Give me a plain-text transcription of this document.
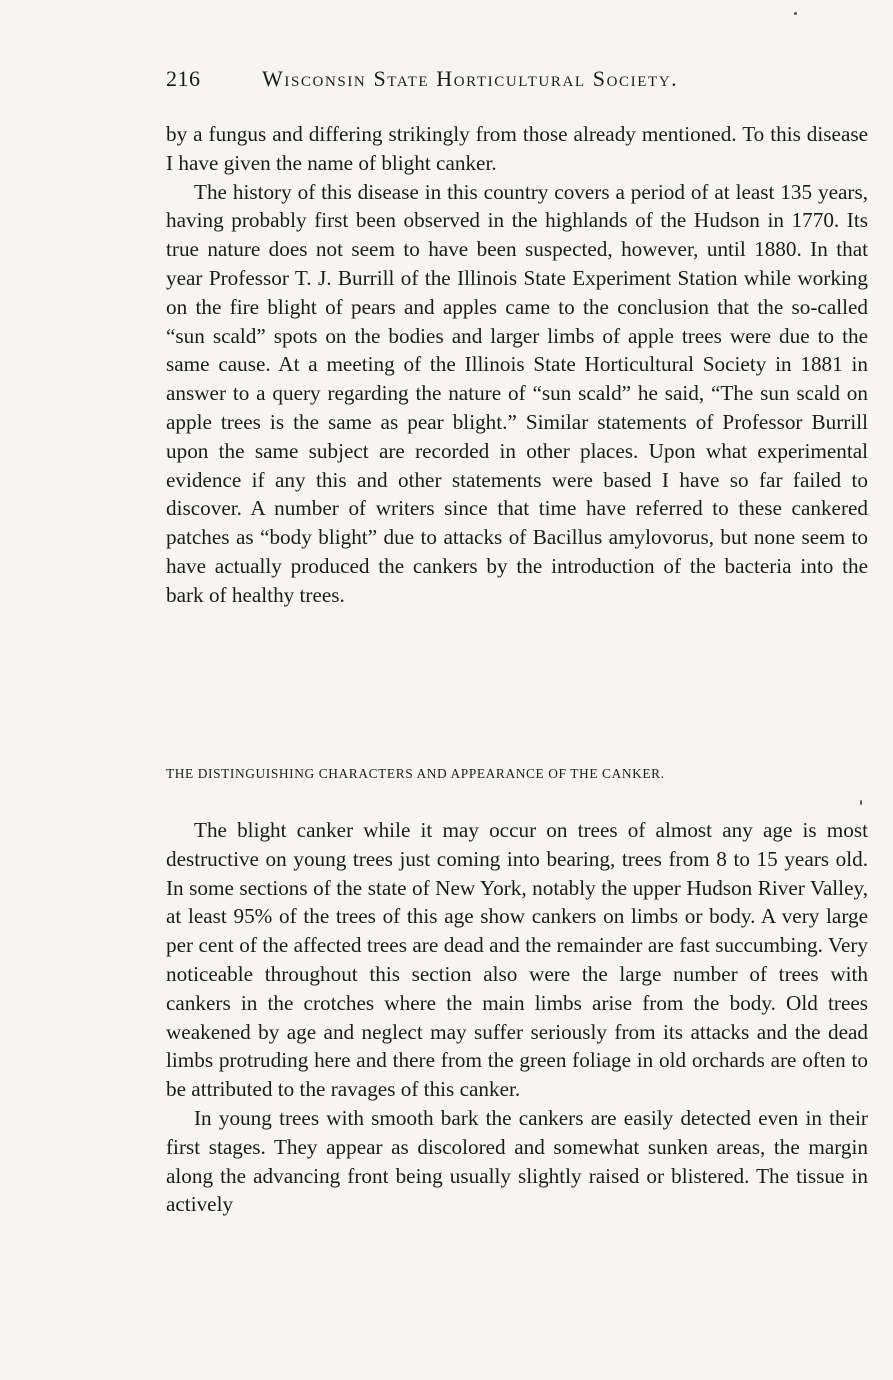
216	Wisconsin State Horticultural Society.

by a fungus and differing strikingly from those already mentioned. To this disease I have given the name of blight canker.

The history of this disease in this country covers a period of at least 135 years, having probably first been observed in the highlands of the Hudson in 1770. Its true nature does not seem to have been suspected, however, until 1880. In that year Professor T. J. Burrill of the Illinois State Experiment Station while working on the fire blight of pears and apples came to the conclusion that the so-called “sun scald” spots on the bodies and larger limbs of apple trees were due to the same cause. At a meeting of the Illinois State Horticultural Society in 1881 in answer to a query regarding the nature of “sun scald” he said, “The sun scald on apple trees is the same as pear blight.” Similar statements of Professor Burrill upon the same subject are recorded in other places. Upon what experimental evidence if any this and other statements were based I have so far failed to discover. A number of writers since that time have referred to these cankered patches as “body blight” due to attacks of Bacillus amylovorus, but none seem to have actually produced the cankers by the introduction of the bacteria into the bark of healthy trees.

THE DISTINGUISHING CHARACTERS AND APPEARANCE OF THE CANKER.

The blight canker while it may occur on trees of almost any age is most destructive on young trees just coming into bearing, trees from 8 to 15 years old. In some sections of the state of New York, notably the upper Hudson River Valley, at least 95% of the trees of this age show cankers on limbs or body. A very large per cent of the affected trees are dead and the remainder are fast succumbing. Very noticeable throughout this section also were the large number of trees with cankers in the crotches where the main limbs arise from the body. Old trees weakened by age and neglect may suffer seriously from its attacks and the dead limbs protruding here and there from the green foliage in old orchards are often to be attributed to the ravages of this canker.

In young trees with smooth bark the cankers are easily detected even in their first stages. They appear as discolored and somewhat sunken areas, the margin along the advancing front being usually slightly raised or blistered. The tissue in actively
